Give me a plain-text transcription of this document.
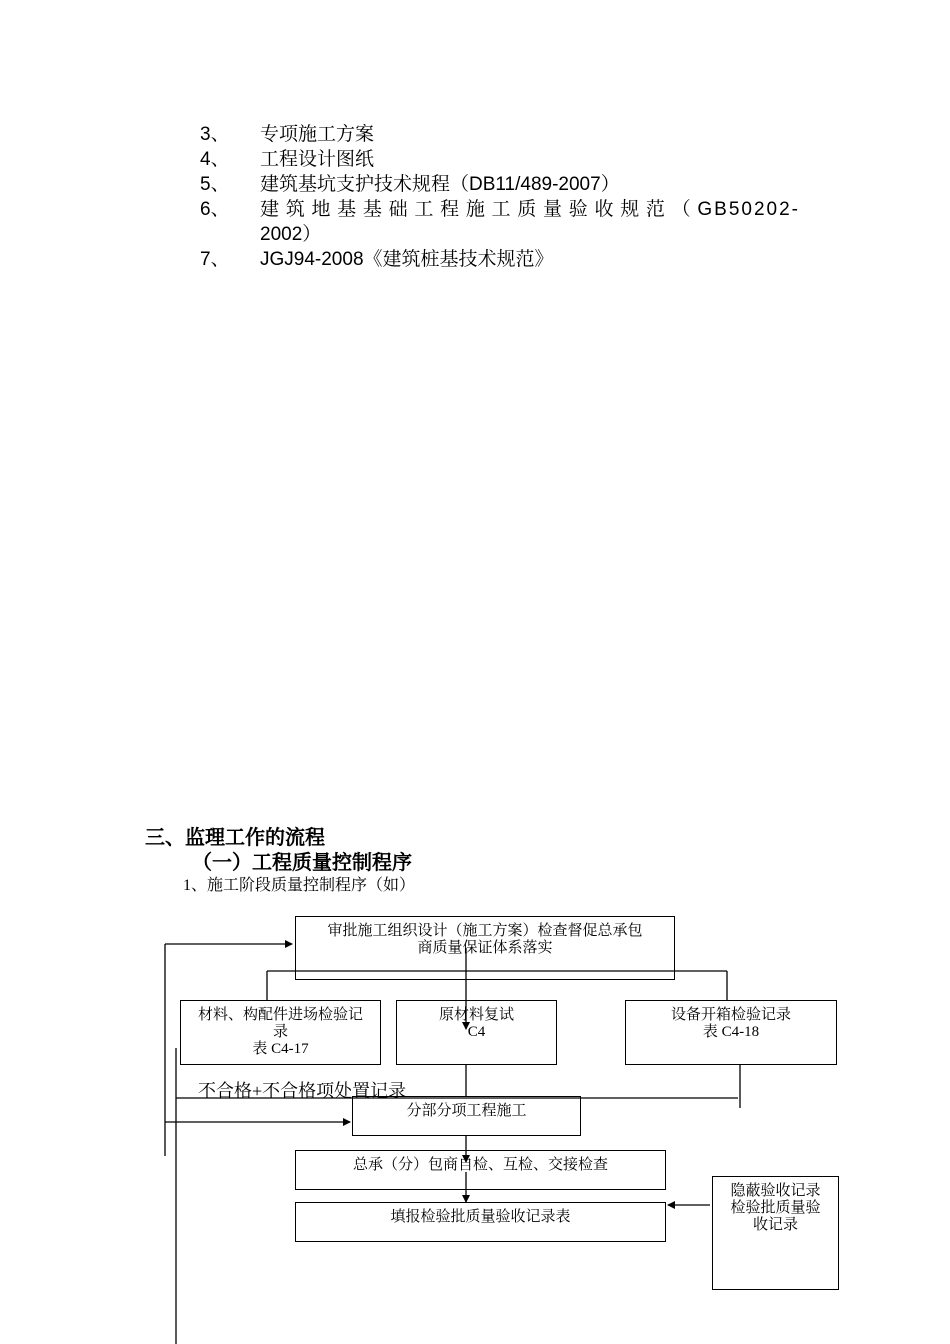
3、	专项施工方案
4、	工程设计图纸
5、	建筑基坑支护技术规程（DB11/489-2007）
6、	建筑地基基础工程施工质量验收规范（GB50202-
2002）
7、	JGJ94-2008《建筑桩基技术规范》
三、监理工作的流程
（一）工程质量控制程序

1、施工阶段质量控制程序（如）

审批施工组织设计（施工方案）检查督促总承包
商质量保证体系落实
材料、构配件进场检验记
录
表 C4-17
原材料复试
C4
设备开箱检验记录
表 C4-18
不合格+不合格项处置记录
分部分项工程施工
总承（分）包商自检、互检、交接检查
填报检验批质量验收记录表
隐蔽验收记录
检验批质量验
收记录
